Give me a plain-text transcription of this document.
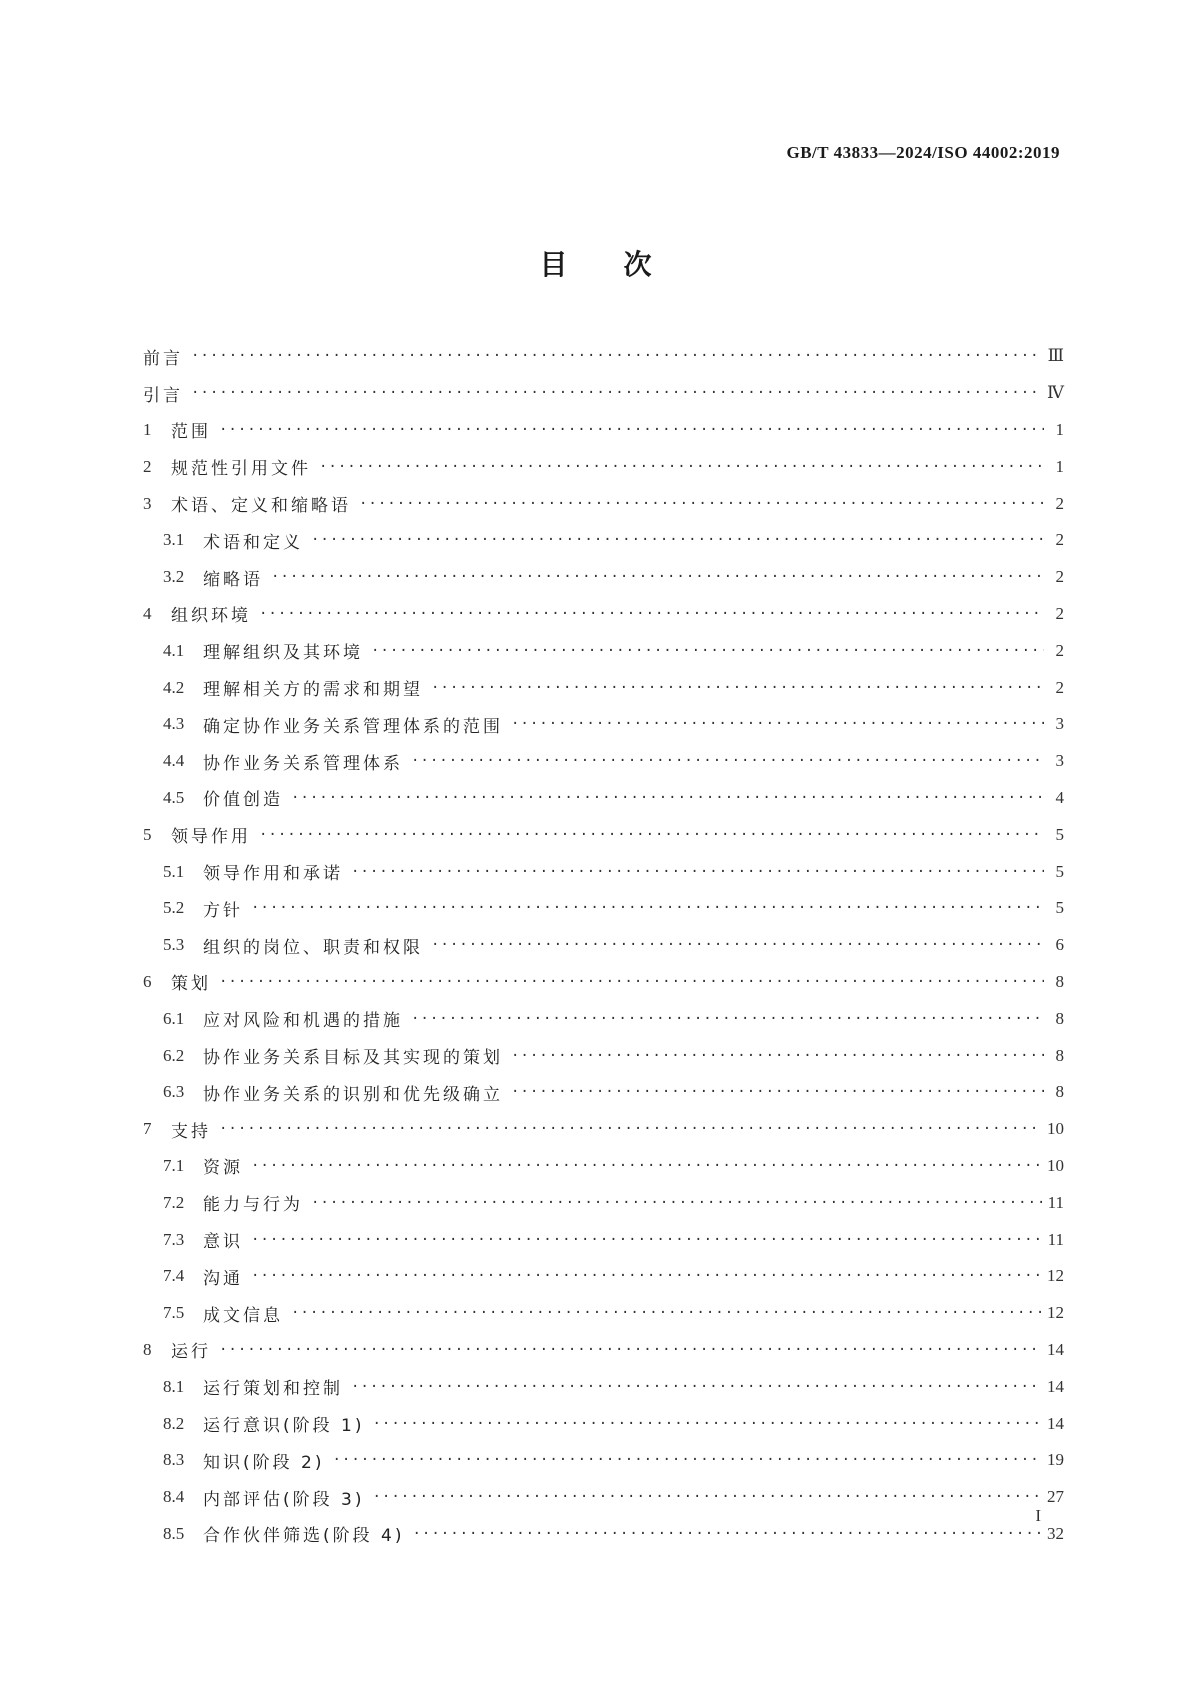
GB/T 43833—2024/ISO 44002:2019
目次
前言 ·····	Ⅲ
引言 ·····	Ⅳ
1	范围 ·····	1
2	规范性引用文件 ·····	1
3	术语、定义和缩略语 ·····	2
3.1	术语和定义 ·····	2
3.2	缩略语 ·····	2
4	组织环境 ·····	2
4.1	理解组织及其环境 ·····	2
4.2	理解相关方的需求和期望 ·····	2
4.3	确定协作业务关系管理体系的范围 ·····	3
4.4	协作业务关系管理体系 ·····	3
4.5	价值创造 ·····	4
5	领导作用 ·····	5
5.1	领导作用和承诺 ·····	5
5.2	方针 ·····	5
5.3	组织的岗位、职责和权限 ·····	6
6	策划 ·····	8
6.1	应对风险和机遇的措施 ·····	8
6.2	协作业务关系目标及其实现的策划 ·····	8
6.3	协作业务关系的识别和优先级确立 ·····	8
7	支持 ·····	10
7.1	资源 ·····	10
7.2	能力与行为 ·····	11
7.3	意识 ·····	11
7.4	沟通 ·····	12
7.5	成文信息 ·····	12
8	运行 ·····	14
8.1	运行策划和控制 ·····	14
8.2	运行意识(阶段 1) ·····	14
8.3	知识(阶段 2) ·····	19
8.4	内部评估(阶段 3) ·····	27
8.5	合作伙伴筛选(阶段 4) ·····	32
I
